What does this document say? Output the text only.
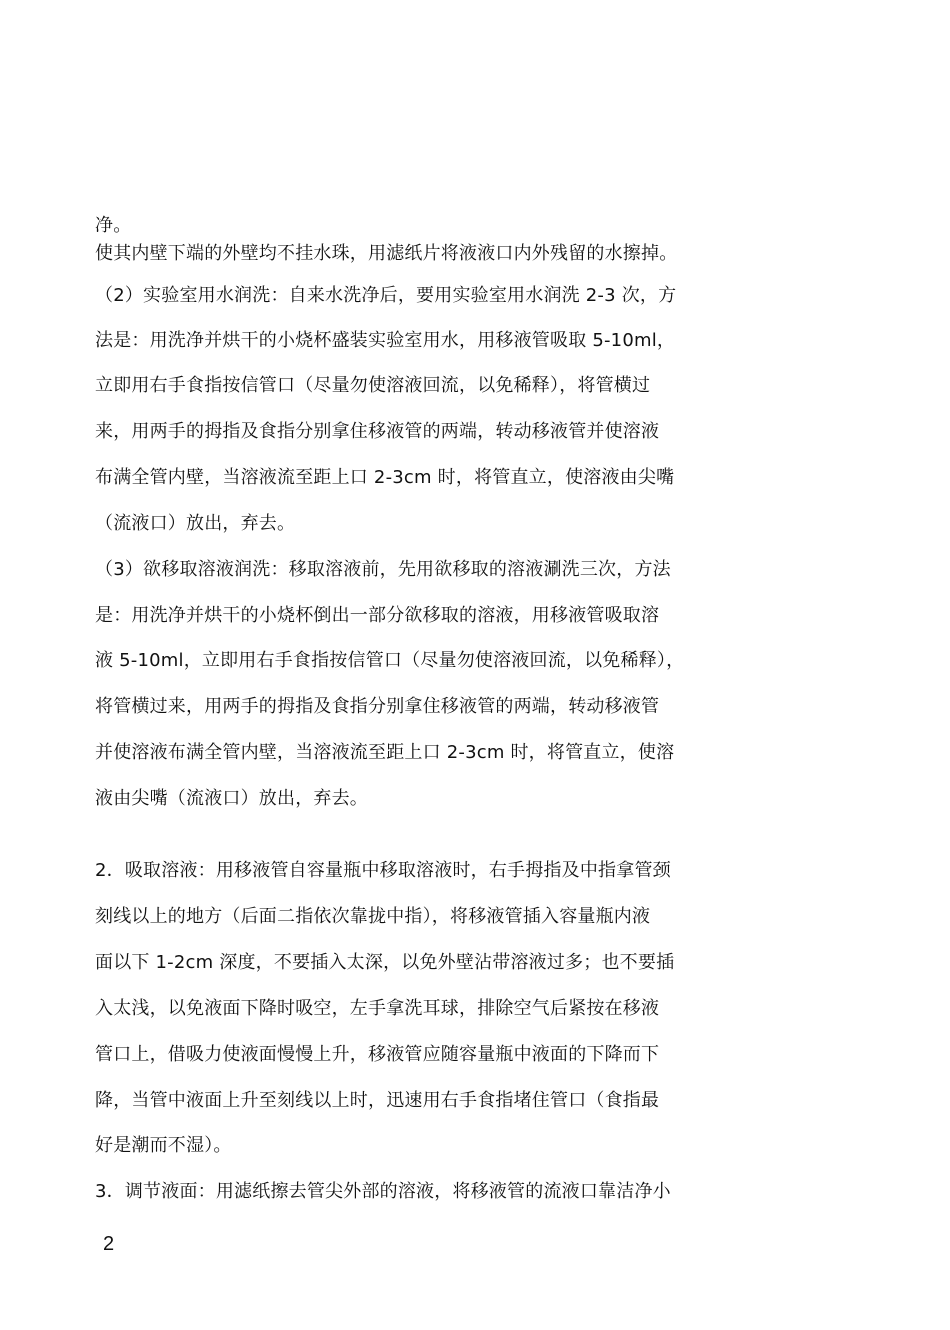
净。
使其内壁下端的外壁均不挂水珠，用滤纸片将液液口内外残留的水擦掉。
（2）实验室用水润洗：自来水洗净后，要用实验室用水润洗 2-3 次，方
法是：用洗净并烘干的小烧杯盛装实验室用水，用移液管吸取 5-10ml，
立即用右手食指按信管口（尽量勿使溶液回流，以免稀释），将管横过
来，用两手的拇指及食指分别拿住移液管的两端，转动移液管并使溶液
布满全管内壁，当溶液流至距上口 2-3cm 时，将管直立，使溶液由尖嘴
（流液口）放出，弃去。
（3）欲移取溶液润洗：移取溶液前，先用欲移取的溶液涮洗三次，方法
是：用洗净并烘干的小烧杯倒出一部分欲移取的溶液，用移液管吸取溶
液 5-10ml，立即用右手食指按信管口（尽量勿使溶液回流，以免稀释），
将管横过来，用两手的拇指及食指分别拿住移液管的两端，转动移液管
并使溶液布满全管内壁，当溶液流至距上口 2-3cm 时，将管直立，使溶
液由尖嘴（流液口）放出，弃去。
2．吸取溶液：用移液管自容量瓶中移取溶液时，右手拇指及中指拿管颈
刻线以上的地方（后面二指依次靠拢中指），将移液管插入容量瓶内液
面以下 1-2cm 深度，不要插入太深，以免外壁沾带溶液过多；也不要插
入太浅，以免液面下降时吸空，左手拿洗耳球，排除空气后紧按在移液
管口上，借吸力使液面慢慢上升，移液管应随容量瓶中液面的下降而下
降，当管中液面上升至刻线以上时，迅速用右手食指堵住管口（食指最
好是潮而不湿）。
3．调节液面：用滤纸擦去管尖外部的溶液，将移液管的流液口靠洁净小
2
